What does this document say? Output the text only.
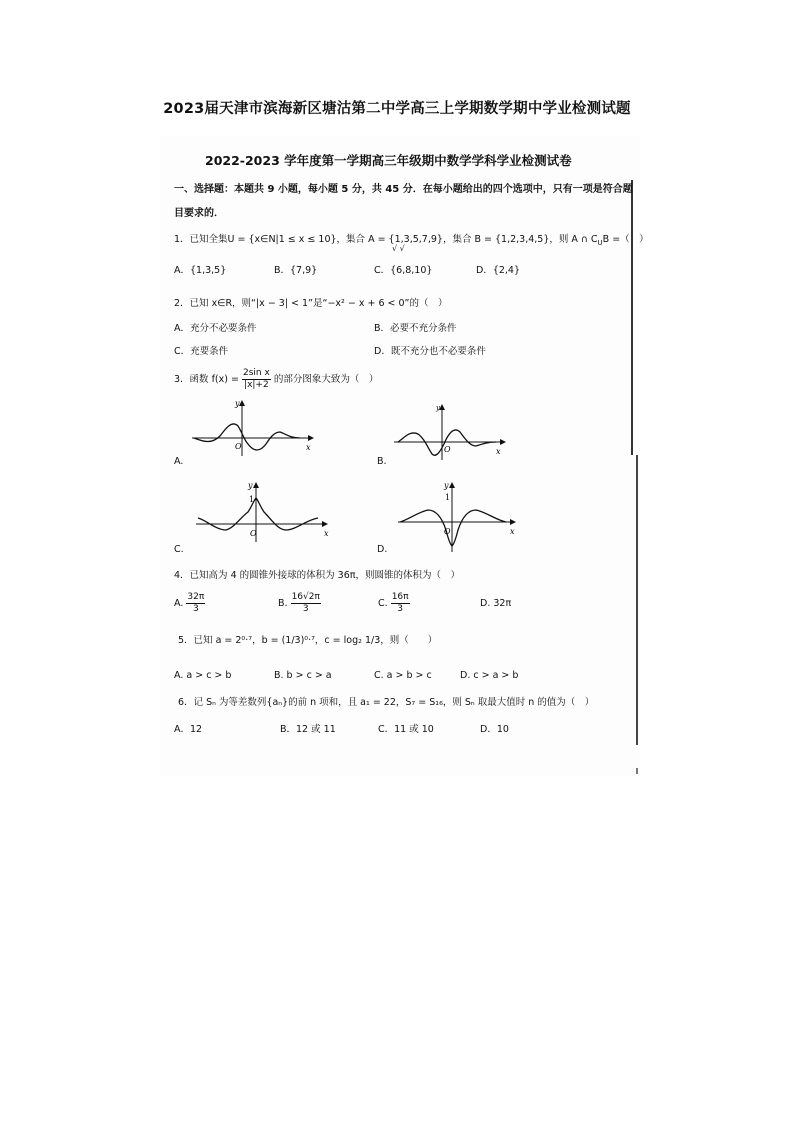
2023届天津市滨海新区塘沽第二中学高三上学期数学期中学业检测试题
2022-2023 学年度第一学期高三年级期中数学学科学业检测试卷
一、选择题：本题共 9 小题，每小题 5 分，共 45 分．在每小题给出的四个选项中，只有一项是符合题
目要求的．
1．已知全集U = {x∈N|1 ≤ x ≤ 10}，集合 A = {1,3,5,7,9}，集合 B = {1,2,3,4,5}，则 A ∩ $C_UB$ =（　）
√ √
A．{1,3,5}	B．{7,9}	C．{6,8,10}	D．{2,4}
2．已知 x∈R，则“|x − 3| < 1”是“−x² − x + 6 < 0”的（　）
A．充分不必要条件	B．必要不充分条件
C．充要条件	D．既不充分也不必要条件
3．函数 $f(x) = \frac{\text{2sin x}}{|x|+2}$ 的部分图象大致为（　）
x
y
O
A.
x
y
O
B.
x
y
1
O
C.
x
y
1
O
D.
4．已知高为 4 的圆锥外接球的体积为 36π，则圆锥的体积为（　）
A. $\frac{32\pi}{3}$	B. $\frac{16√2\pi}{3}$	C. $\frac{16\pi}{3}$	D. 32π
5．已知 a = 2⁰·⁷，b = (1/3)⁰·⁷，c = log₂ 1/3，则（　　）
A. a > c > b	B. b > c > a	C. a > b > c	D. c > a > b
6．记 Sₙ 为等差数列{aₙ}的前 n 项和，且 a₁ = 22，S₇ = S₁₆，则 Sₙ 取最大值时 n 的值为（　）
A．12	B．12 或 11	C．11 或 10	D．10
